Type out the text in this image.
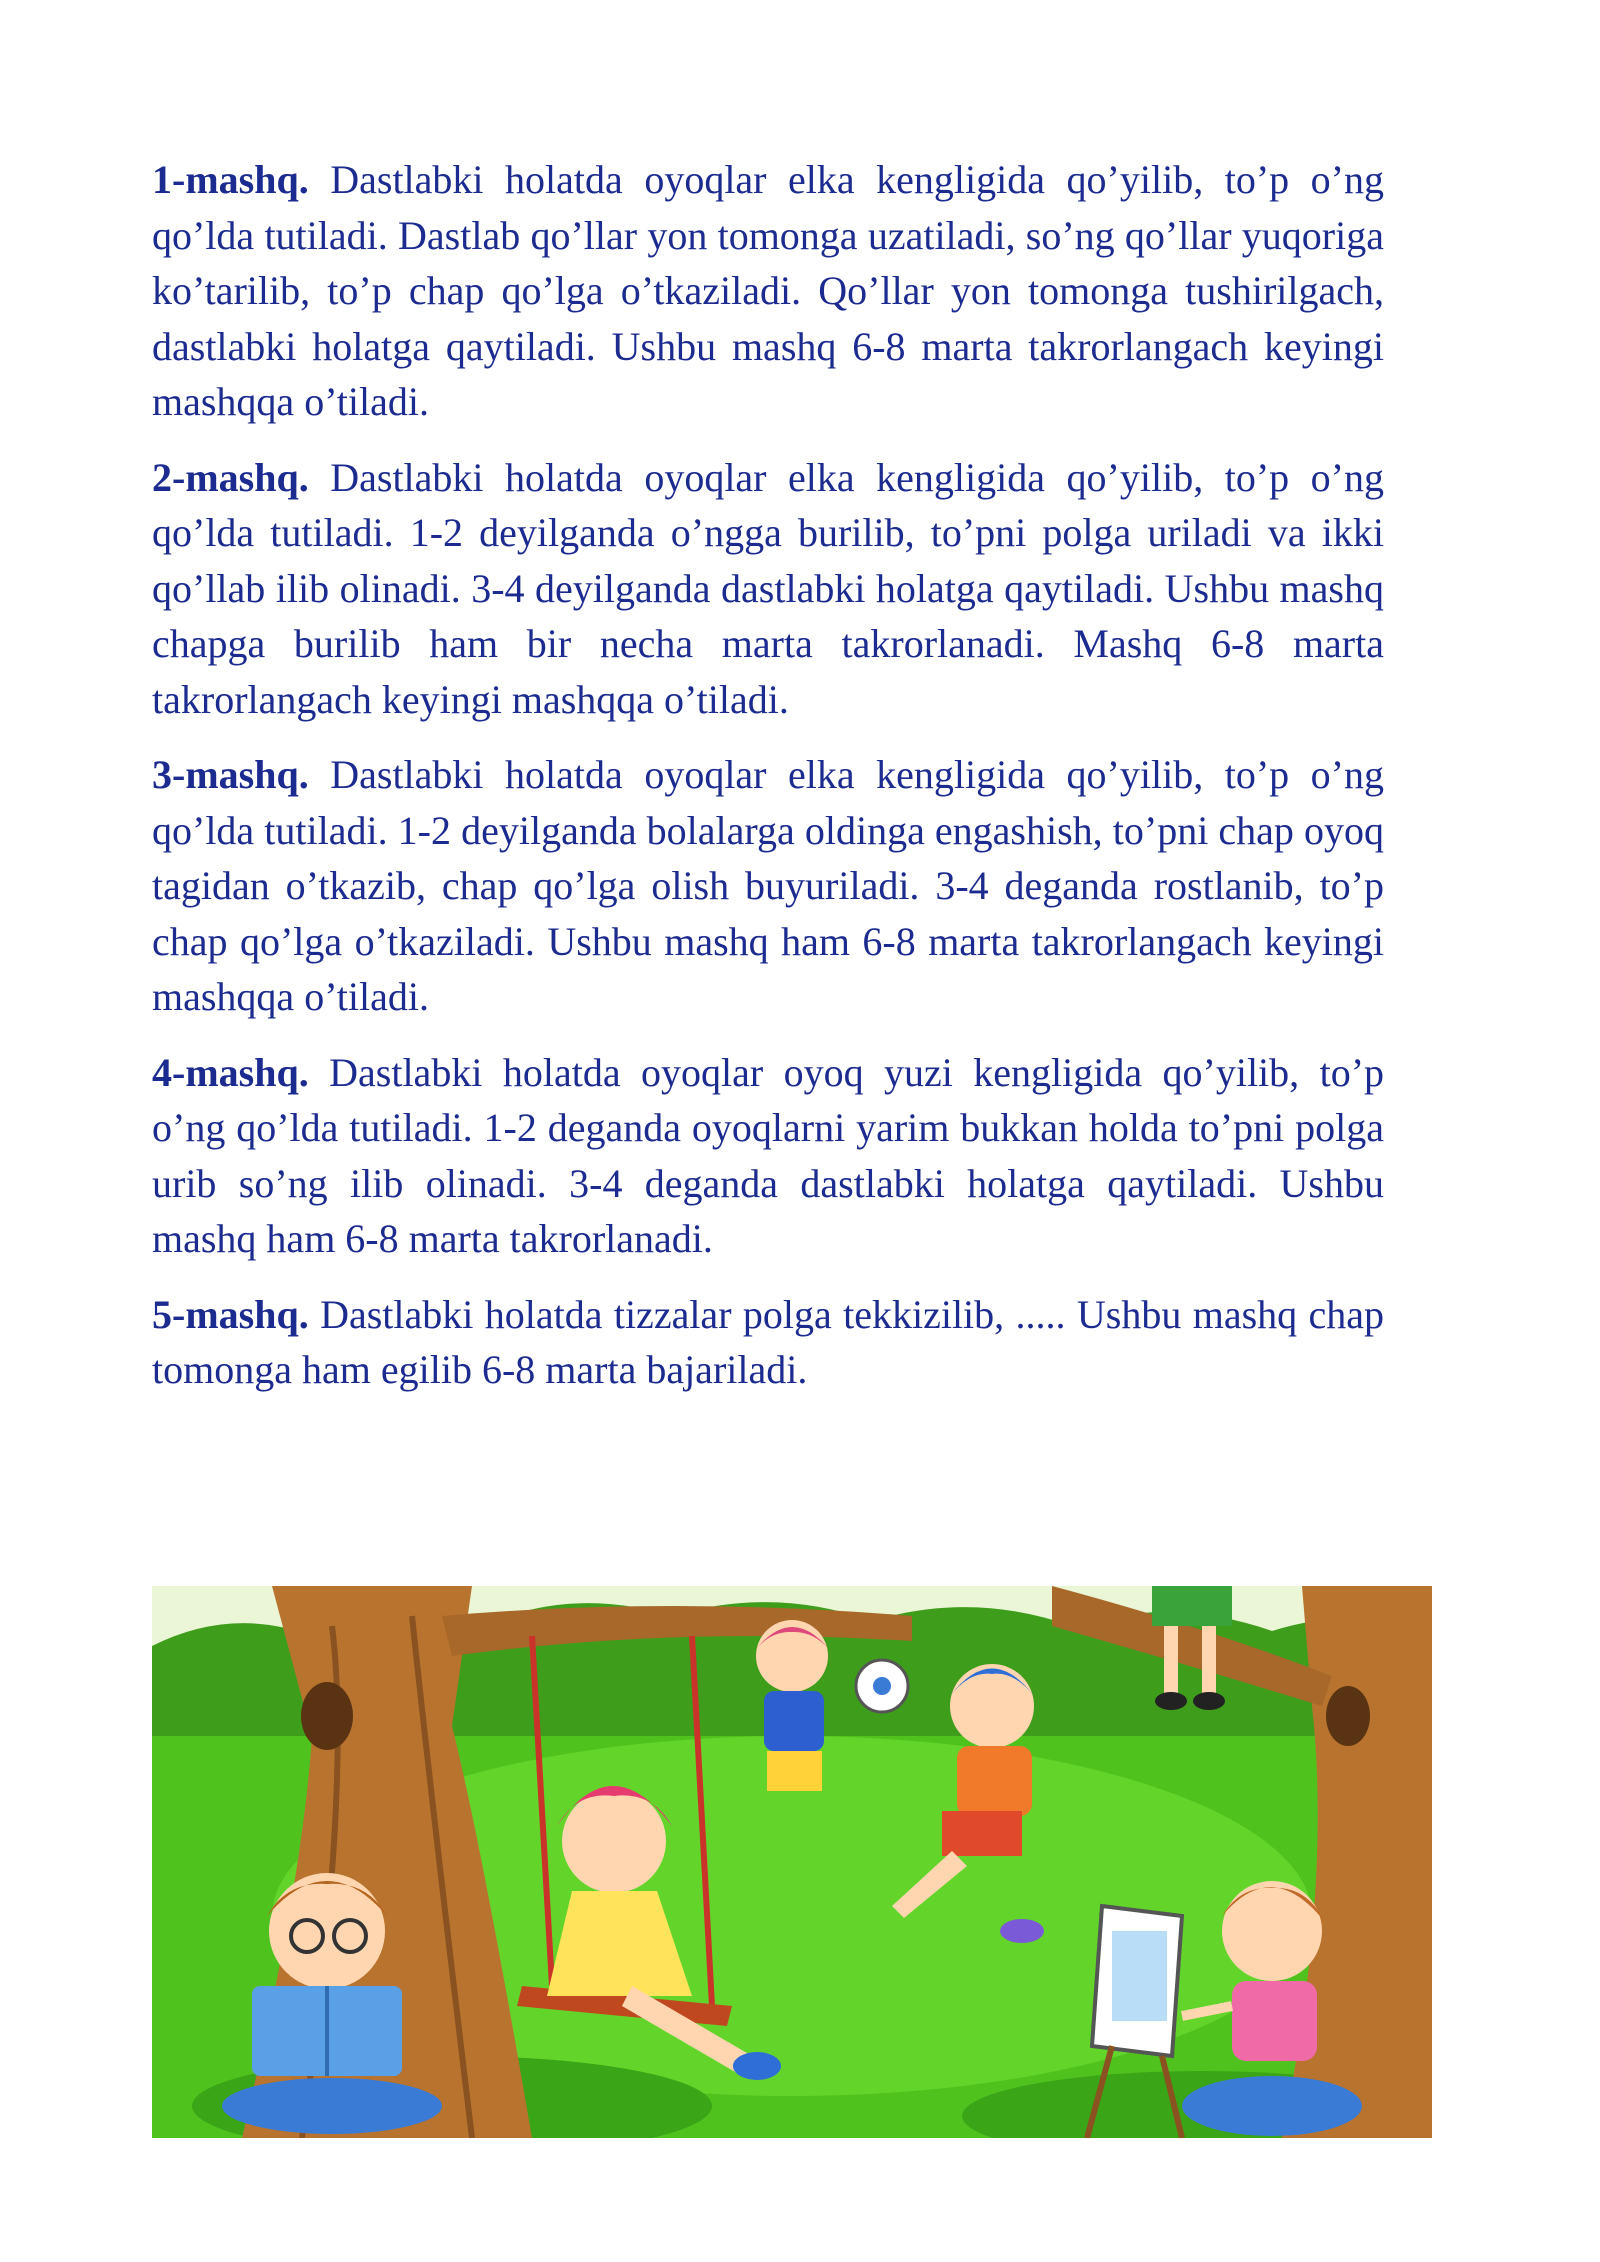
1-mashq. Dastlabki holatda oyoqlar elka kengligida qo’yilib, to’p o’ng qo’lda tutiladi. Dastlab qo’llar yon tomonga uzatiladi, so’ng qo’llar yuqoriga ko’tarilib, to’p chap qo’lga o’tkaziladi. Qo’llar yon tomonga tushirilgach, dastlabki holatga qaytiladi. Ushbu mashq 6-8 marta takrorlangach keyingi mashqqa o’tiladi.

2-mashq. Dastlabki holatda oyoqlar elka kengligida qo’yilib, to’p o’ng qo’lda tutiladi. 1-2 deyilganda o’ngga burilib, to’pni polga uriladi va ikki qo’llab ilib olinadi. 3-4 deyilganda dastlabki holatga qaytiladi. Ushbu mashq chapga burilib ham bir necha marta takrorlanadi. Mashq 6-8 marta takrorlangach keyingi mashqqa o’tiladi.

3-mashq. Dastlabki holatda oyoqlar elka kengligida qo’yilib, to’p o’ng qo’lda tutiladi. 1-2 deyilganda bolalarga oldinga engashish, to’pni chap oyoq tagidan o’tkazib, chap qo’lga olish buyuriladi. 3-4 deganda rostlanib, to’p chap qo’lga o’tkaziladi. Ushbu mashq ham 6-8 marta takrorlangach keyingi mashqqa o’tiladi.

4-mashq. Dastlabki holatda oyoqlar oyoq yuzi kengligida qo’yilib, to’p o’ng qo’lda tutiladi. 1-2 deganda oyoqlarni yarim bukkan holda to’pni polga urib so’ng ilib olinadi. 3-4 deganda dastlabki holatga qaytiladi. Ushbu mashq ham 6-8 marta takrorlanadi.

5-mashq. Dastlabki holatda tizzalar polga tekkizilib, ..... Ushbu mashq chap tomonga ham egilib 6-8 marta bajariladi.
